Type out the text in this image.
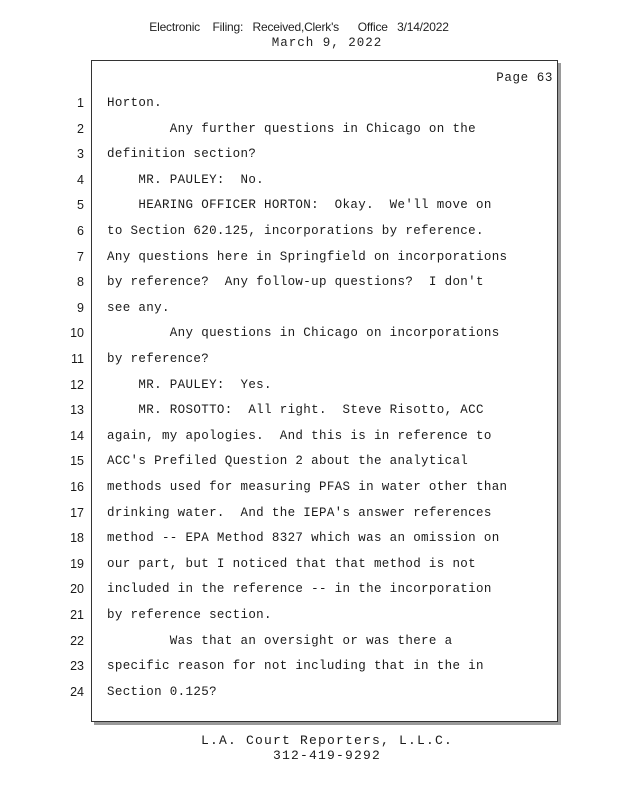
Electronic    Filing:   Received,Clerk's      Office   3/14/2022
March 9, 2022
Page 63
1 Horton.
2 Any further questions in Chicago on the
3 definition section?
4 MR. PAULEY:  No.
5 HEARING OFFICER HORTON:  Okay.  We'll move on
6 to Section 620.125, incorporations by reference.
7 Any questions here in Springfield on incorporations
8 by reference?  Any follow-up questions?  I don't
9 see any.
10 Any questions in Chicago on incorporations
11 by reference?
12 MR. PAULEY:  Yes.
13 MR. ROSOTTO:  All right.  Steve Risotto, ACC
14 again, my apologies.  And this is in reference to
15 ACC's Prefiled Question 2 about the analytical
16 methods used for measuring PFAS in water other than
17 drinking water.  And the IEPA's answer references
18 method -- EPA Method 8327 which was an omission on
19 our part, but I noticed that that method is not
20 included in the reference -- in the incorporation
21 by reference section.
22 Was that an oversight or was there a
23 specific reason for not including that in the in
24 Section 0.125?
L.A. Court Reporters, L.L.C.
312-419-9292
